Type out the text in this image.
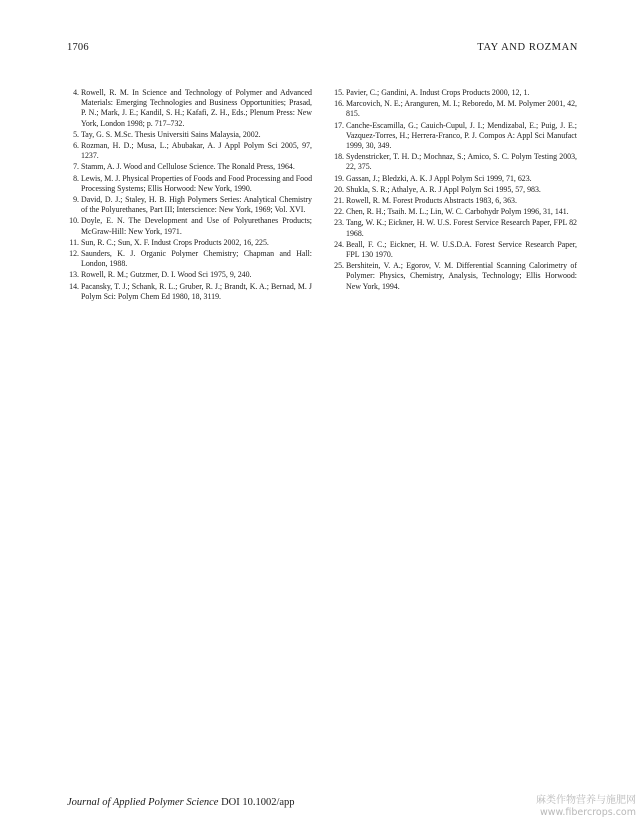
1706	TAY AND ROZMAN
4. Rowell, R. M. In Science and Technology of Polymer and Advanced Materials: Emerging Technologies and Business Opportunities; Prasad, P. N.; Mark, J. E.; Kandil, S. H.; Kafafi, Z. H., Eds.; Plenum Press: New York, London 1998; p. 717–732.
5. Tay, G. S. M.Sc. Thesis Universiti Sains Malaysia, 2002.
6. Rozman, H. D.; Musa, L.; Abubakar, A. J Appl Polym Sci 2005, 97, 1237.
7. Stamm, A. J. Wood and Cellulose Science. The Ronald Press, 1964.
8. Lewis, M. J. Physical Properties of Foods and Food Processing and Food Processing Systems; Ellis Horwood: New York, 1990.
9. David, D. J.; Staley, H. B. High Polymers Series: Analytical Chemistry of the Polyurethanes, Part III; Interscience: New York, 1969; Vol. XVI.
10. Doyle, E. N. The Development and Use of Polyurethanes Products; McGraw-Hill: New York, 1971.
11. Sun, R. C.; Sun, X. F. Indust Crops Products 2002, 16, 225.
12. Saunders, K. J. Organic Polymer Chemistry; Chapman and Hall: London, 1988.
13. Rowell, R. M.; Gutzmer, D. I. Wood Sci 1975, 9, 240.
14. Pacansky, T. J.; Schank, R. L.; Gruber, R. J.; Brandt, K. A.; Bernad, M. J Polym Sci: Polym Chem Ed 1980, 18, 3119.
15. Pavier, C.; Gandini, A. Indust Crops Products 2000, 12, 1.
16. Marcovich, N. E.; Aranguren, M. I.; Reboredo, M. M. Polymer 2001, 42, 815.
17. Canche-Escamilla, G.; Cauich-Cupul, J. I.; Mendizabal, E.; Puig, J. E.; Vazquez-Torres, H.; Herrera-Franco, P. J. Compos A: Appl Sci Manufact 1999, 30, 349.
18. Sydenstricker, T. H. D.; Mochnaz, S.; Amico, S. C. Polym Testing 2003, 22, 375.
19. Gassan, J.; Bledzki, A. K. J Appl Polym Sci 1999, 71, 623.
20. Shukla, S. R.; Athalye, A. R. J Appl Polym Sci 1995, 57, 983.
21. Rowell, R. M. Forest Products Abstracts 1983, 6, 363.
22. Chen, R. H.; Tsaih. M. L.; Lin, W. C. Carbohydr Polym 1996, 31, 141.
23. Tang, W. K.; Eickner, H. W. U.S. Forest Service Research Paper, FPL 82 1968.
24. Beall, F. C.; Eickner, H. W. U.S.D.A. Forest Service Research Paper, FPL 130 1970.
25. Bershitein, V. A.; Egorov, V. M. Differential Scanning Calorimetry of Polymer: Physics, Chemistry, Analysis, Technology; Ellis Horwood: New York, 1994.
Journal of Applied Polymer Science DOI 10.1002/app	麻类作物营养与施肥网
www.fibercrops.com
